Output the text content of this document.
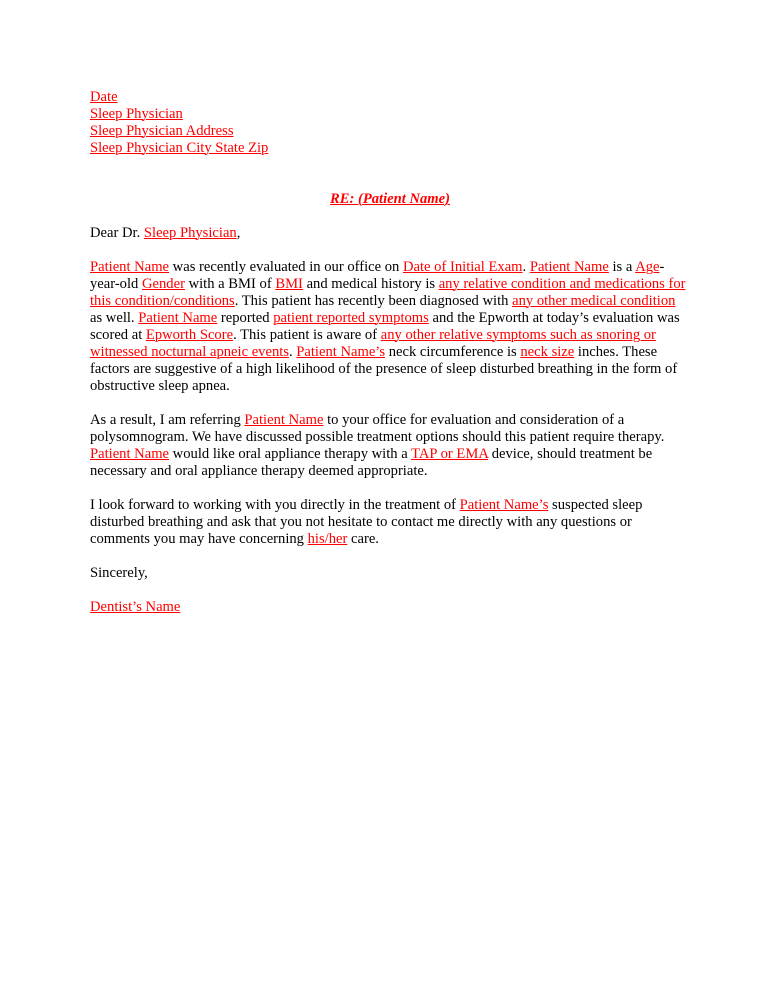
Date
Sleep Physician
Sleep Physician Address
Sleep Physician City State Zip

RE: (Patient Name)

Dear Dr. Sleep Physician,

Patient Name was recently evaluated in our office on Date of Initial Exam. Patient Name is a Age-year-old Gender with a BMI of BMI and medical history is any relative condition and medications for this condition/conditions. This patient has recently been diagnosed with any other medical condition as well. Patient Name reported patient reported symptoms and the Epworth at today’s evaluation was scored at Epworth Score. This patient is aware of any other relative symptoms such as snoring or witnessed nocturnal apneic events. Patient Name’s neck circumference is neck size inches. These factors are suggestive of a high likelihood of the presence of sleep disturbed breathing in the form of obstructive sleep apnea.

As a result, I am referring Patient Name to your office for evaluation and consideration of a polysomnogram. We have discussed possible treatment options should this patient require therapy. Patient Name would like oral appliance therapy with a TAP or EMA device, should treatment be necessary and oral appliance therapy deemed appropriate.

I look forward to working with you directly in the treatment of Patient Name’s suspected sleep disturbed breathing and ask that you not hesitate to contact me directly with any questions or comments you may have concerning his/her care.

Sincerely,

Dentist’s Name
